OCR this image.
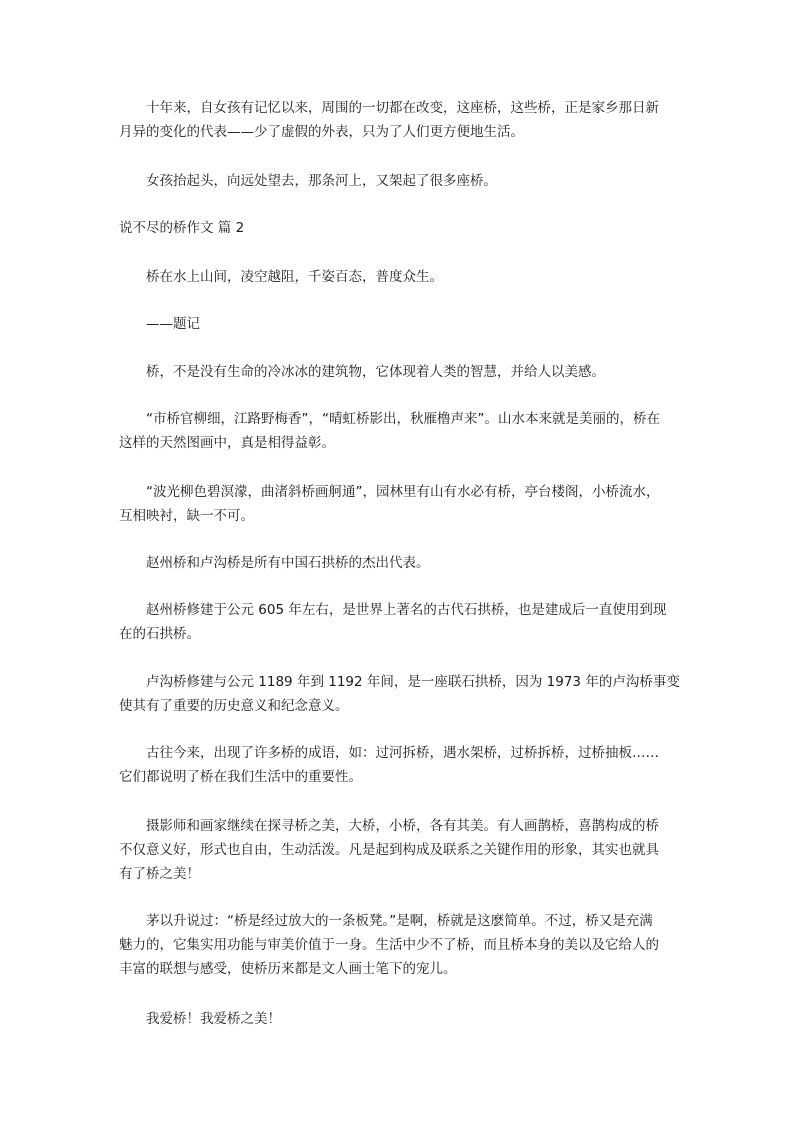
十年来，自女孩有记忆以来，周围的一切都在改变，这座桥，这些桥，正是家乡那日新
月异的变化的代表——少了虚假的外表，只为了人们更方便地生活。

女孩抬起头，向远处望去，那条河上，又架起了很多座桥。

说不尽的桥作文 篇 2

桥在水上山间，凌空越阻，千姿百态，普度众生。

——题记

桥，不是没有生命的冷冰冰的建筑物，它体现着人类的智慧，并给人以美感。

“市桥官柳细，江路野梅香”，“晴虹桥影出，秋雁橹声来”。山水本来就是美丽的，桥在
这样的天然图画中，真是相得益彰。

“波光柳色碧溟濛，曲渚斜桥画舸通”，园林里有山有水必有桥，亭台楼阁，小桥流水，
互相映衬，缺一不可。

赵州桥和卢沟桥是所有中国石拱桥的杰出代表。

赵州桥修建于公元 605 年左右，是世界上著名的古代石拱桥，也是建成后一直使用到现
在的石拱桥。

卢沟桥修建与公元 1189 年到 1192 年间，是一座联石拱桥，因为 1973 年的卢沟桥事变
使其有了重要的历史意义和纪念意义。

古往今来，出现了许多桥的成语，如：过河拆桥，遇水架桥，过桥拆桥，过桥抽板……
它们都说明了桥在我们生活中的重要性。

摄影师和画家继续在探寻桥之美，大桥，小桥，各有其美。有人画鹊桥，喜鹊构成的桥
不仅意义好，形式也自由，生动活泼。凡是起到构成及联系之关键作用的形象，其实也就具
有了桥之美！

茅以升说过：“桥是经过放大的一条板凳。”是啊，桥就是这麽简单。不过，桥又是充满
魅力的，它集实用功能与审美价值于一身。生活中少不了桥，而且桥本身的美以及它给人的
丰富的联想与感受，使桥历来都是文人画士笔下的宠儿。

我爱桥！我爱桥之美！
